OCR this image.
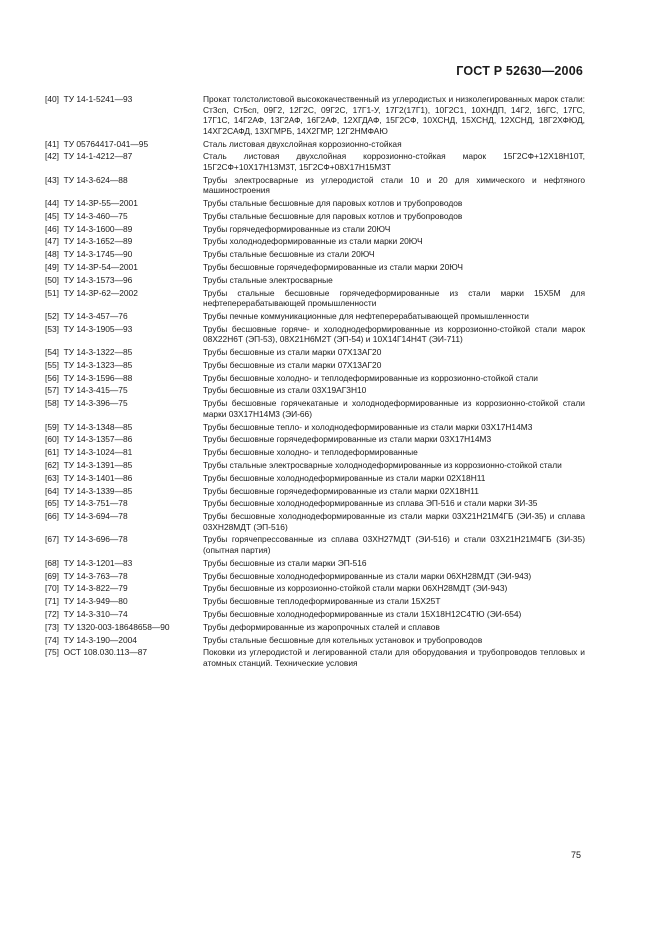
ГОСТ Р 52630—2006
[40] ТУ 14-1-5241—93	Прокат толстолистовой высококачественный из углеродистых и низколегированных марок стали: Ст3сп, Ст5сп, 09Г2, 12Г2С, 09Г2С, 17Г1-У, 17Г2(17Г1), 10Г2С1, 10ХНДП, 14Г2, 16ГС, 17ГС, 17Г1С, 14Г2АФ, 13Г2АФ, 16Г2АФ, 12ХГДАФ, 15Г2СФ, 10ХСНД, 15ХСНД, 12ХСНД, 18Г2ХФЮД, 14ХГ2САФД, 13ХГМРБ, 14Х2ГМР, 12Г2НМФАЮ
[41] ТУ 05764417-041—95	Сталь листовая двухслойная коррозионно-стойкая
[42] ТУ 14-1-4212—87	Сталь листовая двухслойная коррозионно-стойкая марок 15Г2СФ+12Х18Н10Т, 15Г2СФ+10Х17Н13М3Т, 15Г2СФ+08Х17Н15М3Т
[43] ТУ 14-3-624—88	Трубы электросварные из углеродистой стали 10 и 20 для химического и нефтяного машиностроения
[44] ТУ 14-3Р-55—2001	Трубы стальные бесшовные для паровых котлов и трубопроводов
[45] ТУ 14-3-460—75	Трубы стальные бесшовные для паровых котлов и трубопроводов
[46] ТУ 14-3-1600—89	Трубы горячедеформированные из стали 20ЮЧ
[47] ТУ 14-3-1652—89	Трубы холоднодеформированные из стали марки 20ЮЧ
[48] ТУ 14-3-1745—90	Трубы стальные бесшовные из стали 20ЮЧ
[49] ТУ 14-3Р-54—2001	Трубы бесшовные горячедеформированные из стали марки 20ЮЧ
[50] ТУ 14-3-1573—96	Трубы стальные электросварные
[51] ТУ 14-3Р-62—2002	Трубы стальные бесшовные горячедеформированные из стали марки 15Х5М для нефтеперерабатывающей промышленности
[52] ТУ 14-3-457—76	Трубы печные коммуникационные для нефтеперерабатывающей промышленности
[53] ТУ 14-3-1905—93	Трубы бесшовные горяче- и холоднодеформированные из коррозионно-стойкой стали марок 08Х22Н6Т (ЭП-53), 08Х21Н6М2Т (ЭП-54) и 10Х14Г14Н4Т (ЭИ-711)
[54] ТУ 14-3-1322—85	Трубы бесшовные из стали марки 07Х13АГ20
[55] ТУ 14-3-1323—85	Трубы бесшовные из стали марки 07Х13АГ20
[56] ТУ 14-3-1596—88	Трубы бесшовные холодно- и теплодеформированные из коррозионно-стойкой стали
[57] ТУ 14-3-415—75	Трубы бесшовные из стали 03Х19АГ3Н10
[58] ТУ 14-3-396—75	Трубы бесшовные горячекатаные и холоднодеформированные из коррозионно-стойкой стали марки 03Х17Н14М3 (ЭИ-66)
[59] ТУ 14-3-1348—85	Трубы бесшовные тепло- и холоднодеформированные из стали марки 03Х17Н14М3
[60] ТУ 14-3-1357—86	Трубы бесшовные горячедеформированные из стали марки 03Х17Н14М3
[61] ТУ 14-3-1024—81	Трубы бесшовные холодно- и теплодеформированные
[62] ТУ 14-3-1391—85	Трубы стальные электросварные холоднодеформированные из коррозионно-стойкой стали
[63] ТУ 14-3-1401—86	Трубы бесшовные холоднодеформированные из стали марки 02Х18Н11
[64] ТУ 14-3-1339—85	Трубы бесшовные горячедеформированные из стали марки 02Х18Н11
[65] ТУ 14-3-751—78	Трубы бесшовные холоднодеформированные из сплава ЭП-516 и стали марки ЗИ-35
[66] ТУ 14-3-694—78	Трубы бесшовные холоднодеформированные из стали марки 03Х21Н21М4ГБ (ЭИ-35) и сплава 03ХН28МДТ (ЭП-516)
[67] ТУ 14-3-696—78	Трубы горячепрессованные из сплава 03ХН27МДТ (ЭИ-516) и стали 03Х21Н21М4ГБ (ЗИ-35) (опытная партия)
[68] ТУ 14-3-1201—83	Трубы бесшовные из стали марки ЭП-516
[69] ТУ 14-3-763—78	Трубы бесшовные холоднодеформированные из стали марки 06ХН28МДТ (ЭИ-943)
[70] ТУ 14-3-822—79	Трубы бесшовные из коррозионно-стойкой стали марки 06ХН28МДТ (ЭИ-943)
[71] ТУ 14-3-949—80	Трубы бесшовные теплодеформированные из стали 15Х25Т
[72] ТУ 14-3-310—74	Трубы бесшовные холоднодеформированные из стали 15Х18Н12С4ТЮ (ЭИ-654)
[73] ТУ 1320-003-18648658—90	Трубы деформированные из жаропрочных сталей и сплавов
[74] ТУ 14-3-190—2004	Трубы стальные бесшовные для котельных установок и трубопроводов
[75] ОСТ 108.030.113—87	Поковки из углеродистой и легированной стали для оборудования и трубопроводов тепловых и атомных станций. Технические условия
75
